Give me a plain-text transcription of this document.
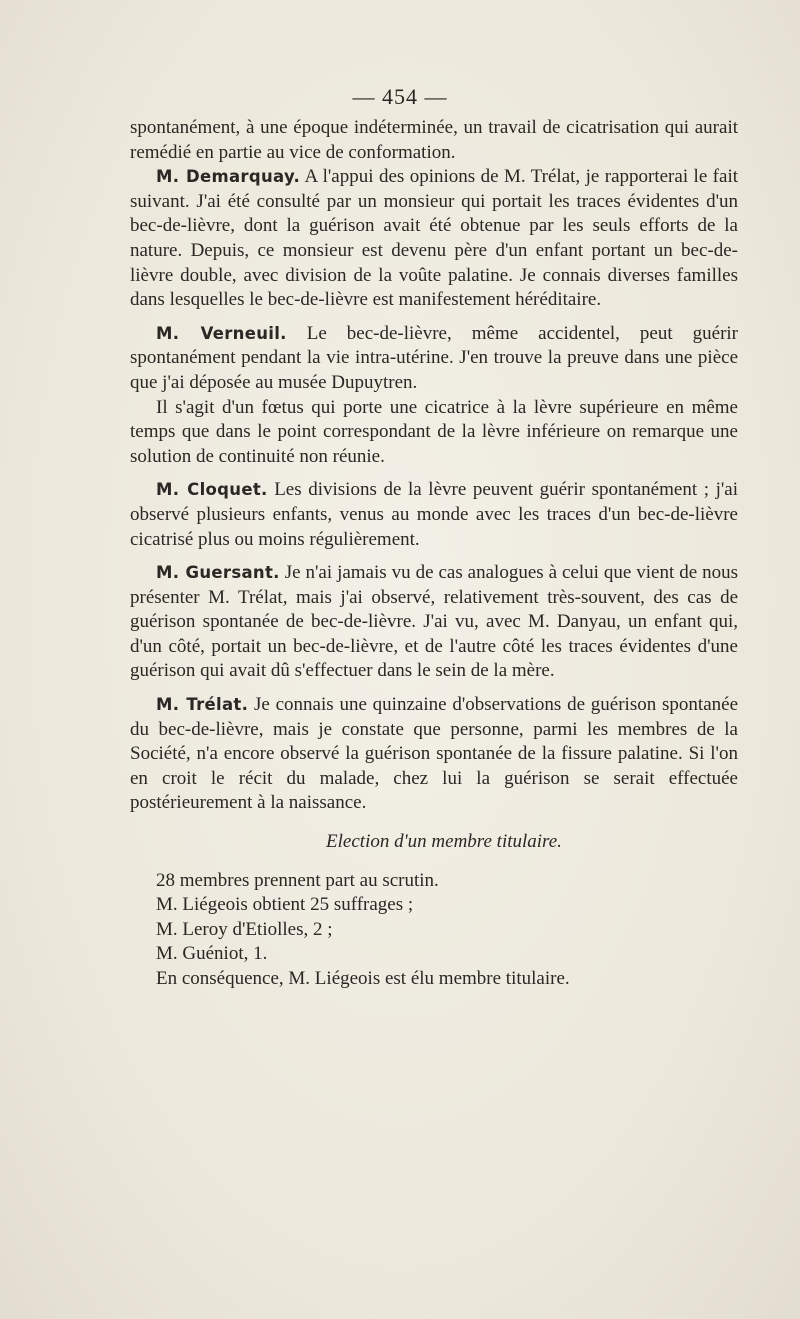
— 454 —

spontanément, à une époque indéterminée, un travail de cicatrisation qui aurait remédié en partie au vice de conformation.

M. Demarquay. A l'appui des opinions de M. Trélat, je rapporterai le fait suivant. J'ai été consulté par un monsieur qui portait les traces évidentes d'un bec-de-lièvre, dont la guérison avait été obtenue par les seuls efforts de la nature. Depuis, ce monsieur est devenu père d'un enfant portant un bec-de-lièvre double, avec division de la voûte palatine. Je connais diverses familles dans lesquelles le bec-de-lièvre est manifestement héréditaire.

M. Verneuil. Le bec-de-lièvre, même accidentel, peut guérir spontanément pendant la vie intra-utérine. J'en trouve la preuve dans une pièce que j'ai déposée au musée Dupuytren.

Il s'agit d'un fœtus qui porte une cicatrice à la lèvre supérieure en même temps que dans le point correspondant de la lèvre inférieure on remarque une solution de continuité non réunie.

M. Cloquet. Les divisions de la lèvre peuvent guérir spontanément ; j'ai observé plusieurs enfants, venus au monde avec les traces d'un bec-de-lièvre cicatrisé plus ou moins régulièrement.

M. Guersant. Je n'ai jamais vu de cas analogues à celui que vient de nous présenter M. Trélat, mais j'ai observé, relativement très-souvent, des cas de guérison spontanée de bec-de-lièvre. J'ai vu, avec M. Danyau, un enfant qui, d'un côté, portait un bec-de-lièvre, et de l'autre côté les traces évidentes d'une guérison qui avait dû s'effectuer dans le sein de la mère.

M. Trélat. Je connais une quinzaine d'observations de guérison spontanée du bec-de-lièvre, mais je constate que personne, parmi les membres de la Société, n'a encore observé la guérison spontanée de la fissure palatine. Si l'on en croit le récit du malade, chez lui la guérison se serait effectuée postérieurement à la naissance.

Election d'un membre titulaire.

28 membres prennent part au scrutin.

M. Liégeois obtient 25 suffrages ;

M. Leroy d'Etiolles, 2 ;

M. Guéniot, 1.

En conséquence, M. Liégeois est élu membre titulaire.
